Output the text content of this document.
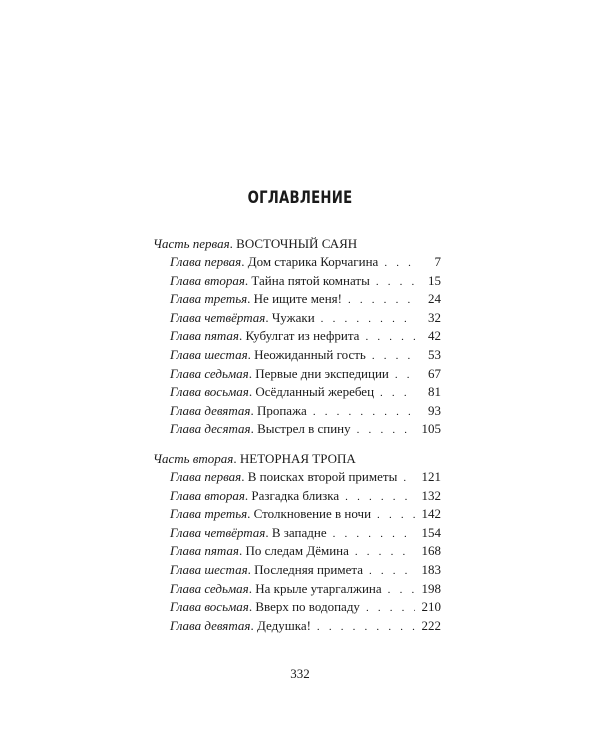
ОГЛАВЛЕНИЕ
Часть первая. ВОСТОЧНЫЙ САЯН
Глава первая. Дом старика Корчагина . . .	7
Глава вторая. Тайна пятой комнаты . . .	15
Глава третья. Не ищите меня! . . .	24
Глава четвёртая. Чужаки . . .	32
Глава пятая. Кубулгат из нефрита . . .	42
Глава шестая. Неожиданный гость . . .	53
Глава седьмая. Первые дни экспедиции . . .	67
Глава восьмая. Осёдланный жеребец . . .	81
Глава девятая. Пропажа . . .	93
Глава десятая. Выстрел в спину . . .	105
Часть вторая. НЕТОРНАЯ ТРОПА
Глава первая. В поисках второй приметы . . . 121
Глава вторая. Разгадка близка . . .	132
Глава третья. Столкновение в ночи . . .	142
Глава четвёртая. В западне . . .	154
Глава пятая. По следам Дёмина . . .	168
Глава шестая. Последняя примета . . .	183
Глава седьмая. На крыле утаргалжина . . .	198
Глава восьмая. Вверх по водопаду . . .	210
Глава девятая. Дедушка! . . .	222
332
